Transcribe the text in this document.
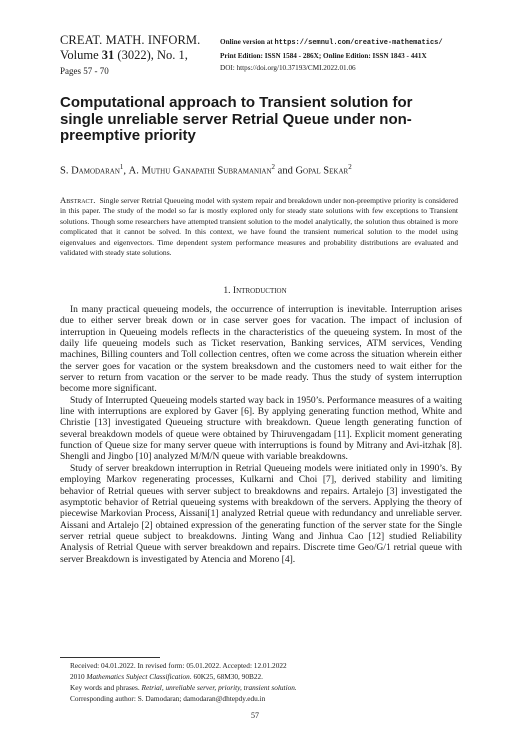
CREAT. MATH. INFORM.
Volume 31 (3022), No. 1,
Pages 57 - 70
Online version at https://semnul.com/creative-mathematics/
Print Edition: ISSN 1584 - 286X; Online Edition: ISSN 1843 - 441X
DOI: https://doi.org/10.37193/CMI.2022.01.06
Computational approach to Transient solution for single unreliable server Retrial Queue under non-preemptive priority
S. Damodaran$^1$, A. Muthu Ganapathi Subramanian$^2$ and Gopal Sekar$^2$
Abstract. Single server Retrial Queueing model with system repair and breakdown under non-preemptive priority is considered in this paper. The study of the model so far is mostly explored only for steady state solutions with few exceptions to Transient solutions. Though some researchers have attempted transient solution to the model analytically, the solution thus obtained is more complicated that it cannot be solved. In this context, we have found the transient numerical solution to the model using eigenvalues and eigenvectors. Time dependent system performance measures and probability distributions are evaluated and validated with steady state solutions.
1. Introduction

In many practical queueing models, the occurrence of interruption is inevitable. Interruption arises due to either server break down or in case server goes for vacation. The impact of inclusion of interruption in Queueing models reflects in the characteristics of the queueing system. In most of the daily life queueing models such as Ticket reservation, Banking services, ATM services, Vending machines, Billing counters and Toll collection centres, often we come across the situation wherein either the server goes for vacation or the system breaksdown and the customers need to wait either for the server to return from vacation or the server to be made ready. Thus the study of system interruption become more significant.

Study of Interrupted Queueing models started way back in 1950’s. Performance measures of a waiting line with interruptions are explored by Gaver [6]. By applying generating function method, White and Christie [13] investigated Queueing structure with breakdown. Queue length generating function of several breakdown models of queue were obtained by Thiruvengadam [11]. Explicit moment generating function of Queue size for many server queue with interruptions is found by Mitrany and Avi-itzhak [8]. Shengli and Jingbo [10] analyzed M/M/N queue with variable breakdowns.

Study of server breakdown interruption in Retrial Queueing models were initiated only in 1990’s. By employing Markov regenerating processes, Kulkarni and Choi [7], derived stability and limiting behavior of Retrial queues with server subject to breakdowns and repairs. Artalejo [3] investigated the asymptotic behavior of Retrial queueing systems with breakdown of the servers. Applying the theory of piecewise Markovian Process, Aissani[1] analyzed Retrial queue with redundancy and unreliable server. Aissani and Artalejo [2] obtained expression of the generating function of the server state for the Single server retrial queue subject to breakdowns. Jinting Wang and Jinhua Cao [12] studied Reliability Analysis of Retrial Queue with server breakdown and repairs. Discrete time Geo/G/1 retrial queue with server Breakdown is investigated by Atencia and Moreno [4].

Received: 04.01.2022. In revised form: 05.01.2022. Accepted: 12.01.2022
2010 Mathematics Subject Classification. 60K25, 68M30, 90B22.
Key words and phrases. Retrial, unreliable server, priority, transient solution.
Corresponding author: S. Damodaran; damodaran@dhtepdy.edu.in
57
